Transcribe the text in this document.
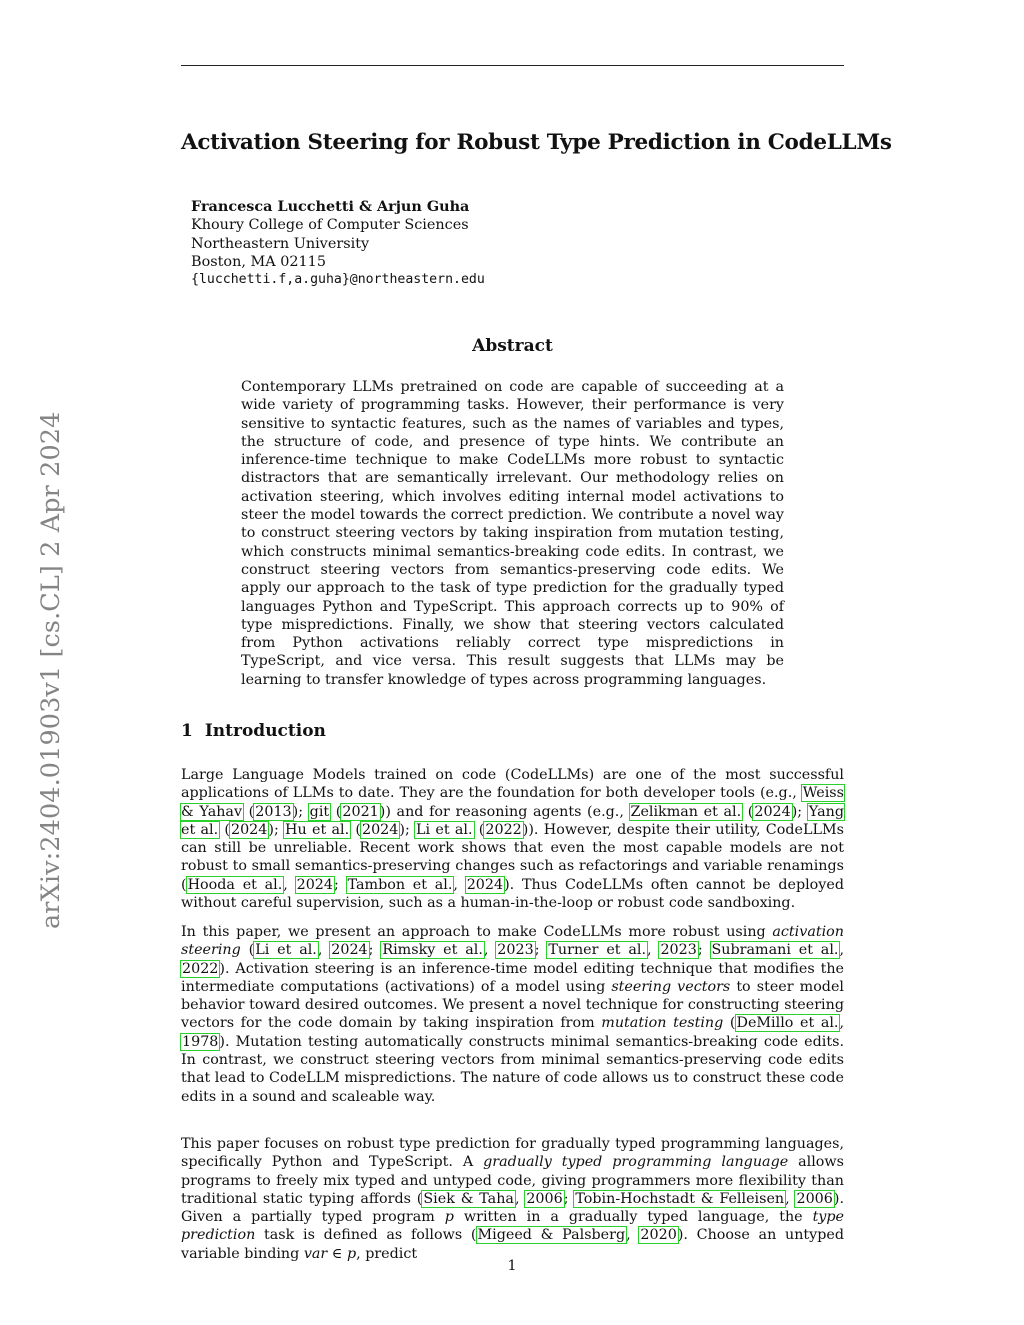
arXiv:2404.01903v1 [cs.CL] 2 Apr 2024
Activation Steering for Robust Type Prediction in CodeLLMs
Francesca Lucchetti & Arjun Guha
Khoury College of Computer Sciences
Northeastern University
Boston, MA 02115
{lucchetti.f,a.guha}@northeastern.edu
Abstract

Contemporary LLMs pretrained on code are capable of succeeding at a wide variety of programming tasks. However, their performance is very sensitive to syntactic features, such as the names of variables and types, the structure of code, and presence of type hints. We contribute an inference-time technique to make CodeLLMs more robust to syntactic distractors that are semantically irrelevant. Our methodology relies on activation steering, which involves editing internal model activations to steer the model towards the correct prediction. We contribute a novel way to construct steering vectors by taking inspiration from mutation testing, which constructs minimal semantics-breaking code edits. In contrast, we construct steering vectors from semantics-preserving code edits. We apply our approach to the task of type prediction for the gradually typed languages Python and TypeScript. This approach corrects up to 90% of type mispredictions. Finally, we show that steering vectors calculated from Python activations reliably correct type mispredictions in TypeScript, and vice versa. This result suggests that LLMs may be learning to transfer knowledge of types across programming languages.

1 Introduction

Large Language Models trained on code (CodeLLMs) are one of the most successful applications of LLMs to date. They are the foundation for both developer tools (e.g., Weiss & Yahav (2013); git (2021)) and for reasoning agents (e.g., Zelikman et al. (2024); Yang et al. (2024); Hu et al. (2024); Li et al. (2022)). However, despite their utility, CodeLLMs can still be unreliable. Recent work shows that even the most capable models are not robust to small semantics-preserving changes such as refactorings and variable renamings (Hooda et al., 2024; Tambon et al., 2024). Thus CodeLLMs often cannot be deployed without careful supervision, such as a human-in-the-loop or robust code sandboxing.

In this paper, we present an approach to make CodeLLMs more robust using activation steering (Li et al., 2024; Rimsky et al., 2023; Turner et al., 2023; Subramani et al., 2022). Activation steering is an inference-time model editing technique that modifies the intermediate computations (activations) of a model using steering vectors to steer model behavior toward desired outcomes. We present a novel technique for constructing steering vectors for the code domain by taking inspiration from mutation testing (DeMillo et al., 1978). Mutation testing automatically constructs minimal semantics-breaking code edits. In contrast, we construct steering vectors from minimal semantics-preserving code edits that lead to CodeLLM mispredictions. The nature of code allows us to construct these code edits in a sound and scaleable way.

This paper focuses on robust type prediction for gradually typed programming languages, specifically Python and TypeScript. A gradually typed programming language allows programs to freely mix typed and untyped code, giving programmers more flexibility than traditional static typing affords (Siek & Taha, 2006; Tobin-Hochstadt & Felleisen, 2006). Given a partially typed program p written in a gradually typed language, the type prediction task is defined as follows (Migeed & Palsberg, 2020). Choose an untyped variable binding var ∈ p, predict

1
